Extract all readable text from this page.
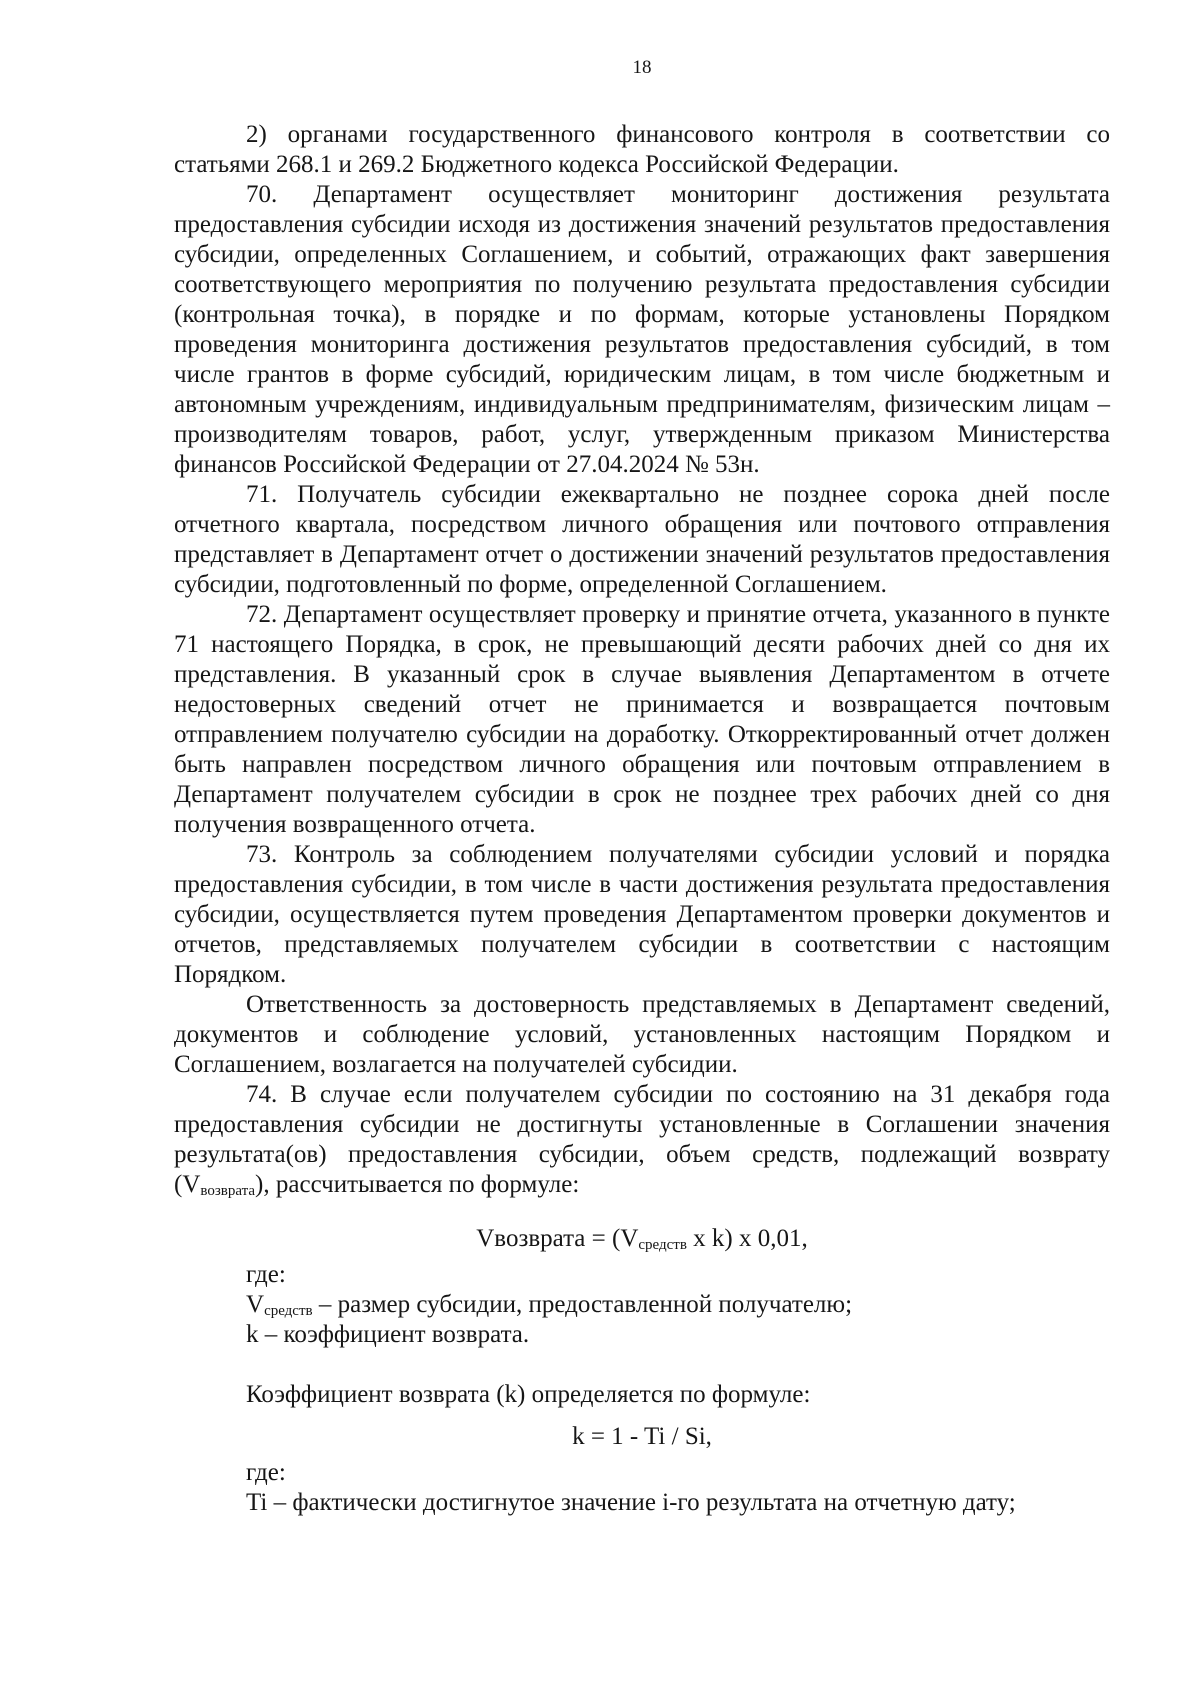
18

2) органами государственного финансового контроля в соответствии со статьями 268.1 и 269.2 Бюджетного кодекса Российской Федерации.

70. Департамент осуществляет мониторинг достижения результата предоставления субсидии исходя из достижения значений результатов предоставления субсидии, определенных Соглашением, и событий, отражающих факт завершения соответствующего мероприятия по получению результата предоставления субсидии (контрольная точка), в порядке и по формам, которые установлены Порядком проведения мониторинга достижения результатов предоставления субсидий, в том числе грантов в форме субсидий, юридическим лицам, в том числе бюджетным и автономным учреждениям, индивидуальным предпринимателям, физическим лицам – производителям товаров, работ, услуг, утвержденным приказом Министерства финансов Российской Федерации от 27.04.2024 № 53н.

71. Получатель субсидии ежеквартально не позднее сорока дней после отчетного квартала, посредством личного обращения или почтового отправления представляет в Департамент отчет о достижении значений результатов предоставления субсидии, подготовленный по форме, определенной Соглашением.

72. Департамент осуществляет проверку и принятие отчета, указанного в пункте 71 настоящего Порядка, в срок, не превышающий десяти рабочих дней со дня их представления. В указанный срок в случае выявления Департаментом в отчете недостоверных сведений отчет не принимается и возвращается почтовым отправлением получателю субсидии на доработку. Откорректированный отчет должен быть направлен посредством личного обращения или почтовым отправлением в Департамент получателем субсидии в срок не позднее трех рабочих дней со дня получения возвращенного отчета.

73. Контроль за соблюдением получателями субсидии условий и порядка предоставления субсидии, в том числе в части достижения результата предоставления субсидии, осуществляется путем проведения Департаментом проверки документов и отчетов, представляемых получателем субсидии в соответствии с настоящим Порядком.

Ответственность за достоверность представляемых в Департамент сведений, документов и соблюдение условий, установленных настоящим Порядком и Соглашением, возлагается на получателей субсидии.

74. В случае если получателем субсидии по состоянию на 31 декабря года предоставления субсидии не достигнуты установленные в Соглашении значения результата(ов) предоставления субсидии, объем средств, подлежащий возврату $(V_{возврата})$, рассчитывается по формуле:

Vвозврата = ($V_{средств}$ x k) x 0,01,

где:

$V_{средств}$ – размер субсидии, предоставленной получателю;

k – коэффициент возврата.

Коэффициент возврата (k) определяется по формуле:

k = 1 - Ti / Si,

где:

Ti – фактически достигнутое значение i-го результата на отчетную дату;
